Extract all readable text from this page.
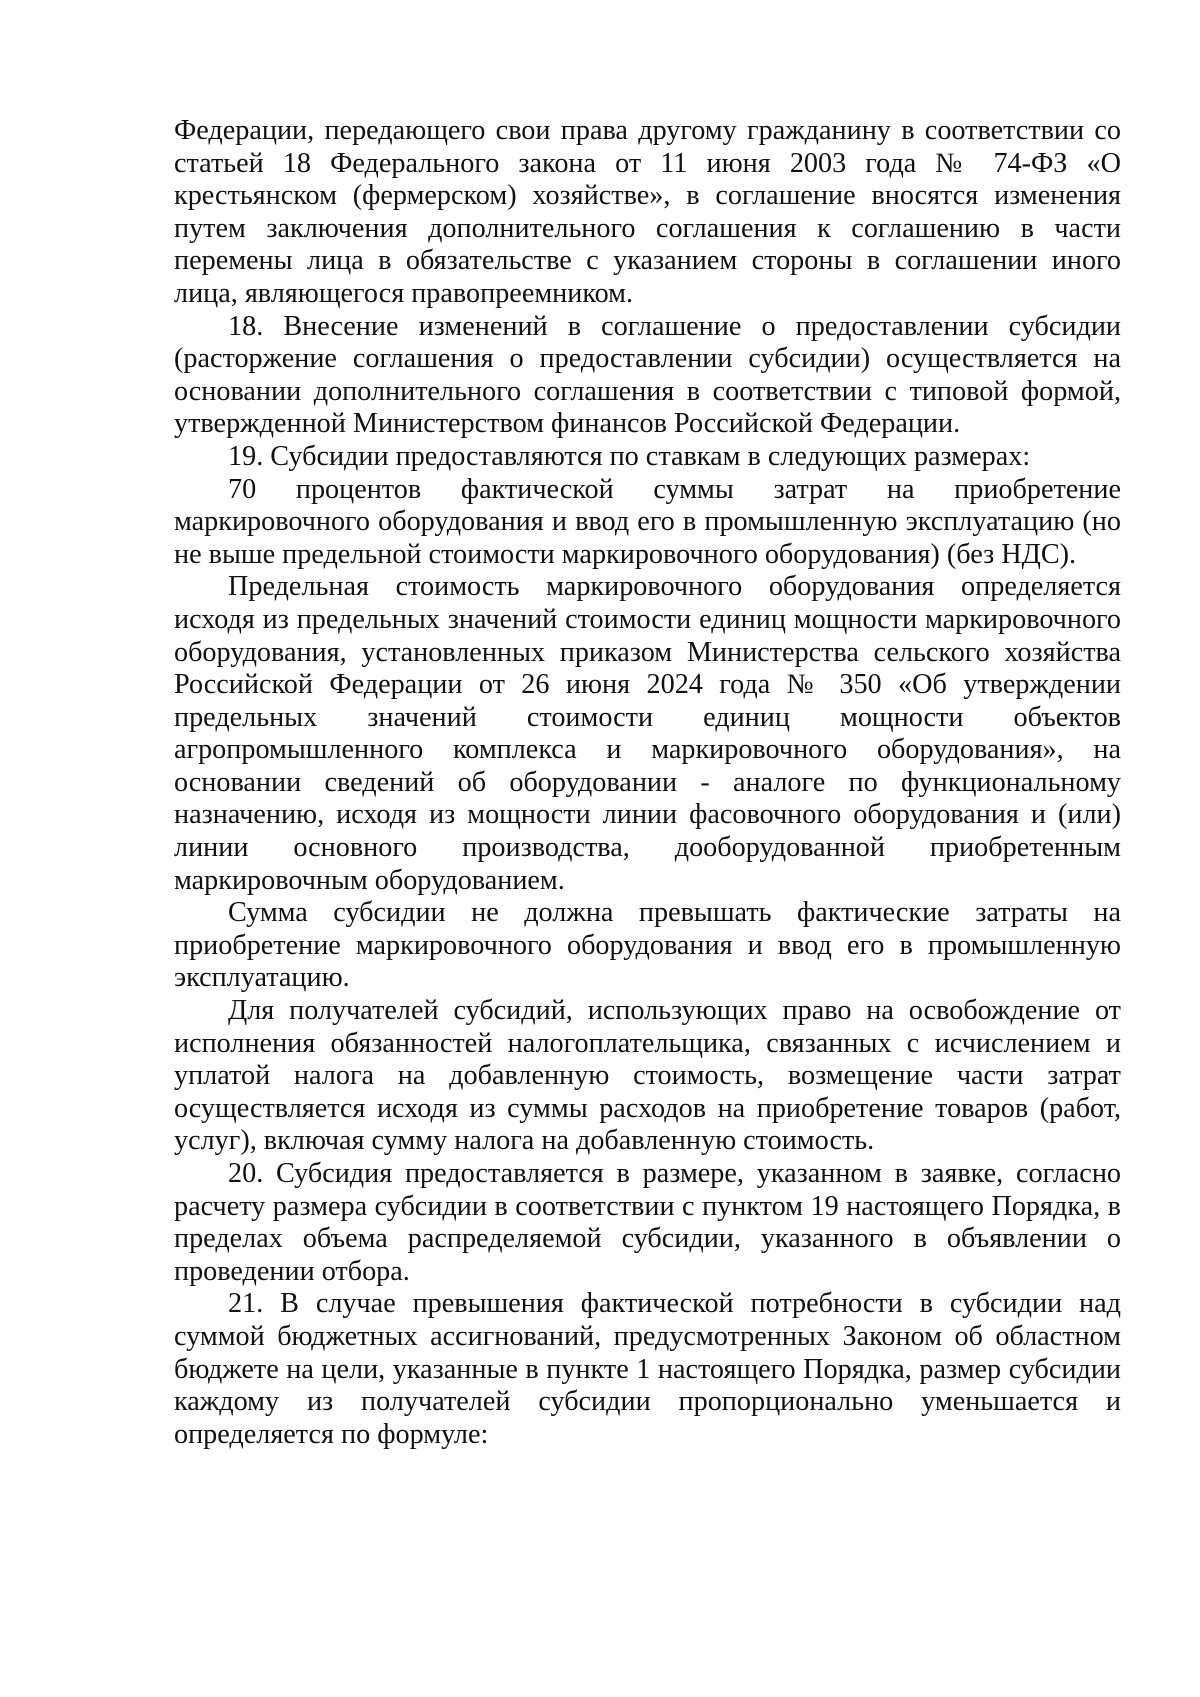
Федерации, передающего свои права другому гражданину в соответствии со статьей 18 Федерального закона от 11 июня 2003 года № 74-ФЗ «О крестьянском (фермерском) хозяйстве», в соглашение вносятся изменения путем заключения дополнительного соглашения к соглашению в части перемены лица в обязательстве с указанием стороны в соглашении иного лица, являющегося правопреемником.

18. Внесение изменений в соглашение о предоставлении субсидии (расторжение соглашения о предоставлении субсидии) осуществляется на основании дополнительного соглашения в соответствии с типовой формой, утвержденной Министерством финансов Российской Федерации.

19. Субсидии предоставляются по ставкам в следующих размерах:

70 процентов фактической суммы затрат на приобретение маркировочного оборудования и ввод его в промышленную эксплуатацию (но не выше предельной стоимости маркировочного оборудования) (без НДС).

Предельная стоимость маркировочного оборудования определяется исходя из предельных значений стоимости единиц мощности маркировочного оборудования, установленных приказом Министерства сельского хозяйства Российской Федерации от 26 июня 2024 года № 350 «Об утверждении предельных значений стоимости единиц мощности объектов агропромышленного комплекса и маркировочного оборудования», на основании сведений об оборудовании - аналоге по функциональному назначению, исходя из мощности линии фасовочного оборудования и (или) линии основного производства, дооборудованной приобретенным маркировочным оборудованием.

Сумма субсидии не должна превышать фактические затраты на приобретение маркировочного оборудования и ввод его в промышленную эксплуатацию.

Для получателей субсидий, использующих право на освобождение от исполнения обязанностей налогоплательщика, связанных с исчислением и уплатой налога на добавленную стоимость, возмещение части затрат осуществляется исходя из суммы расходов на приобретение товаров (работ, услуг), включая сумму налога на добавленную стоимость.

20. Субсидия предоставляется в размере, указанном в заявке, согласно расчету размера субсидии в соответствии с пунктом 19 настоящего Порядка, в пределах объема распределяемой субсидии, указанного в объявлении о проведении отбора.

21. В случае превышения фактической потребности в субсидии над суммой бюджетных ассигнований, предусмотренных Законом об областном бюджете на цели, указанные в пункте 1 настоящего Порядка, размер субсидии каждому из получателей субсидии пропорционально уменьшается и определяется по формуле:
